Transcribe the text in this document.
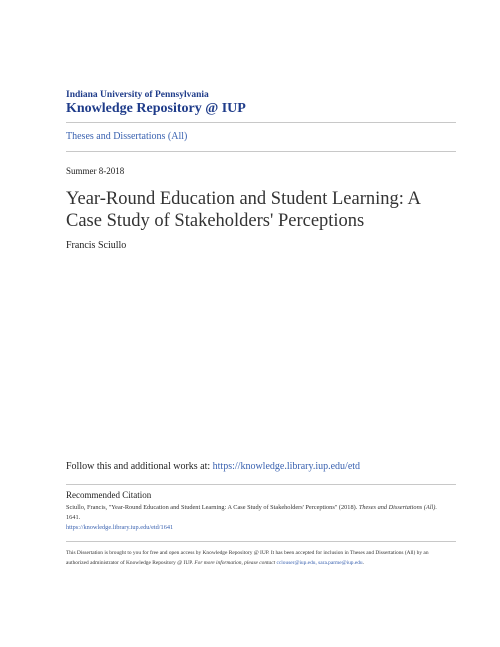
Indiana University of Pennsylvania
Knowledge Repository @ IUP
Theses and Dissertations (All)
Summer 8-2018
Year-Round Education and Student Learning: A Case Study of Stakeholders' Perceptions
Francis Sciullo
Follow this and additional works at: https://knowledge.library.iup.edu/etd
Recommended Citation
Sciullo, Francis, "Year-Round Education and Student Learning: A Case Study of Stakeholders' Perceptions" (2018). Theses and Dissertations (All). 1641.
https://knowledge.library.iup.edu/etd/1641
This Dissertation is brought to you for free and open access by Knowledge Repository @ IUP. It has been accepted for inclusion in Theses and Dissertations (All) by an authorized administrator of Knowledge Repository @ IUP. For more information, please contact cclouser@iup.edu, sara.parme@iup.edu.
